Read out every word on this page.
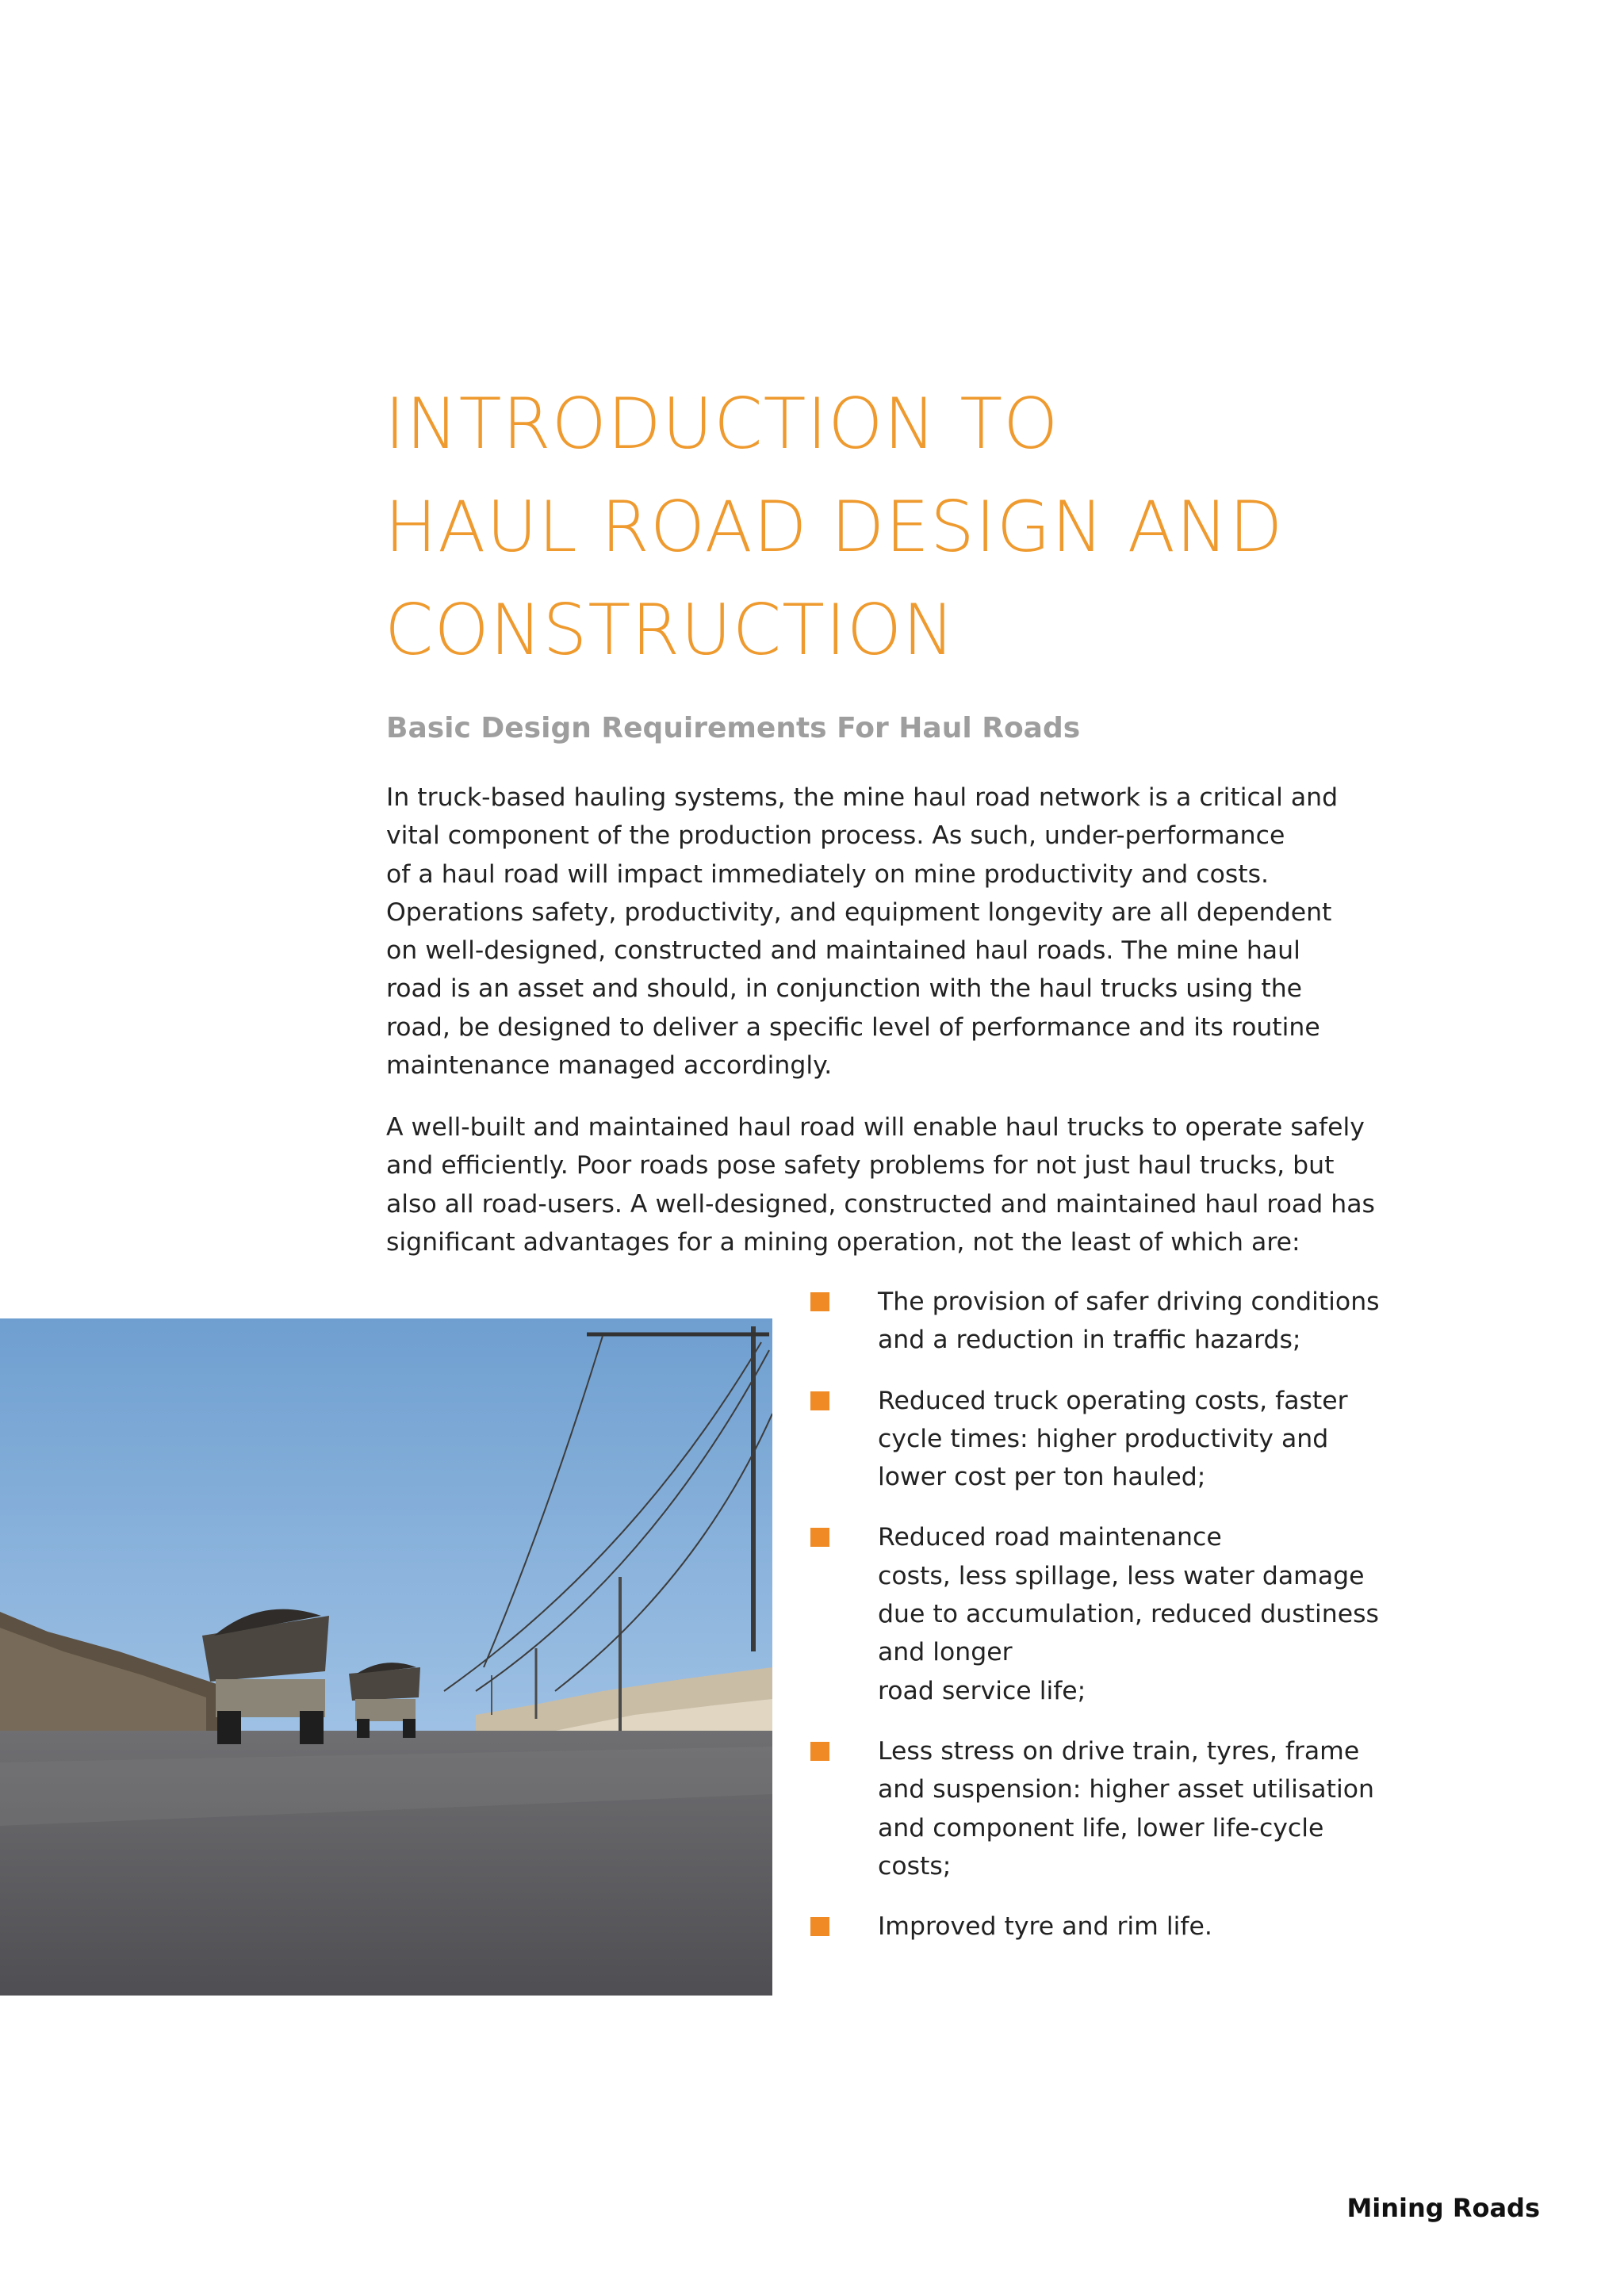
INTRODUCTION TO
HAUL ROAD DESIGN AND
CONSTRUCTION
Basic Design Requirements For Haul Roads

In truck-based hauling systems, the mine haul road network is a critical and
vital component of the production process. As such, under-performance
of a haul road will impact immediately on mine productivity and costs.
Operations safety, productivity, and equipment longevity are all dependent
on well-designed, constructed and maintained haul roads. The mine haul
road is an asset and should, in conjunction with the haul trucks using the
road, be designed to deliver a specific level of performance and its routine
maintenance managed accordingly.

A well-built and maintained haul road will enable haul trucks to operate safely
and efficiently. Poor roads pose safety problems for not just haul trucks, but
also all road-users. A well-designed, constructed and maintained haul road has
significant advantages for a mining operation, not the least of which are:

The provision of safer driving conditions
and a reduction in traffic hazards;
Reduced truck operating costs, faster
cycle times: higher productivity and
lower cost per ton hauled;
Reduced road maintenance
costs, less spillage, less water damage
due to accumulation, reduced dustiness
and longer
road service life;
Less stress on drive train, tyres, frame
and suspension: higher asset utilisation
and component life, lower life-cycle
costs;
Improved tyre and rim life.
Mining Roads
